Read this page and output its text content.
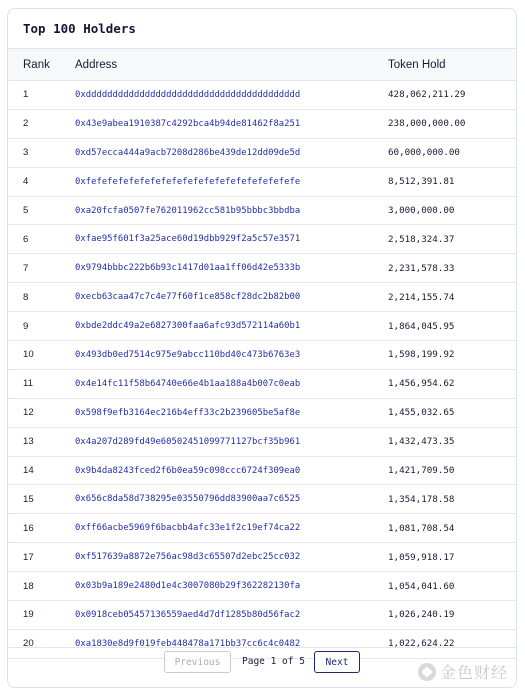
Top 100 Holders
Rank	Address	Token Hold
1	0xdddddddddddddddddddddddddddddddddddddddd	428,062,211.29
2	0x43e9abea1910387c4292bca4b94de81462f8a251	238,000,000.00
3	0xd57ecca444a9acb7208d286be439de12dd09de5d	60,000,000.00
4	0xfefefefefefefefefefefefefefefefefefefefe	8,512,391.81
5	0xa20fcfa0507fe762011962cc581b95bbbc3bbdba	3,000,000.00
6	0xfae95f601f3a25ace60d19dbb929f2a5c57e3571	2,518,324.37
7	0x9794bbbc222b6b93c1417d01aa1ff06d42e5333b	2,231,578.33
8	0xecb63caa47c7c4e77f60f1ce858cf28dc2b82b00	2,214,155.74
9	0xbde2ddc49a2e6827300faa6afc93d572114a60b1	1,864,045.95
10	0x493db0ed7514c975e9abcc110bd40c473b6763e3	1,598,199.92
11	0x4e14fc11f58b64740e66e4b1aa188a4b007c0eab	1,456,954.62
12	0x598f9efb3164ec216b4eff33c2b239605be5af8e	1,455,032.65
13	0x4a207d289fd49e60502451099771127bcf35b961	1,432,473.35
14	0x9b4da8243fced2f6b0ea59c098ccc6724f309ea0	1,421,709.50
15	0x656c8da58d738295e03550796dd83900aa7c6525	1,354,178.58
16	0xff66acbe5969f6bacbb4afc33e1f2c19ef74ca22	1,081,708.54
17	0xf517639a8872e756ac98d3c65507d2ebc25cc032	1,059,918.17
18	0x03b9a189e2480d1e4c3007080b29f362282130fa	1,054,041.60
19	0x0918ceb05457136559aed4d7df1285b80d56fac2	1,026,240.19
20	0xa1830e8d9f019feb448478a171bb37cc6c4c0482	1,022,624.22
Previous	Page 1 of 5	Next
金色财经
